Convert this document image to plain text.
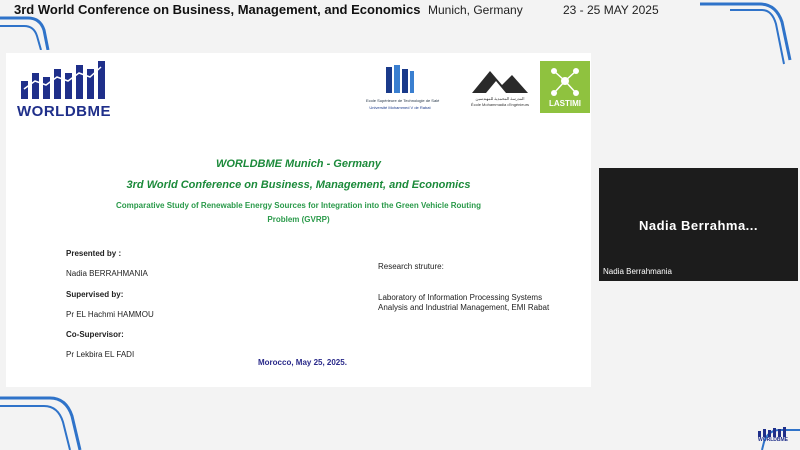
3rd World Conference on Business, Management, and Economics Munich, Germany	23 - 25 MAY 2025
WORLDBME
Ecole Supérieure de Technologie de Salé
Université Mohammed V de Rabat
المدرسة المحمدية للمهندسين
École Mohammadia d'Ingénieurs	LASTIMI
WORLDBME Munich - Germany
3rd World Conference on Business, Management, and Economics
Comparative Study of Renewable Energy Sources for Integration into the Green Vehicle Routing
Problem (GVRP)
Presented by :
Nadia BERRAHMANIA
Supervised by:
Pr EL Hachmi HAMMOU
Co-Supervisor:
Pr Lekbira EL FADI
Research struture:
Laboratory of Information Processing Systems
Analysis and Industrial Management, EMI Rabat
Morocco, May 25, 2025.
Nadia Berrahma...
Nadia Berrahmania
WORLDBME
